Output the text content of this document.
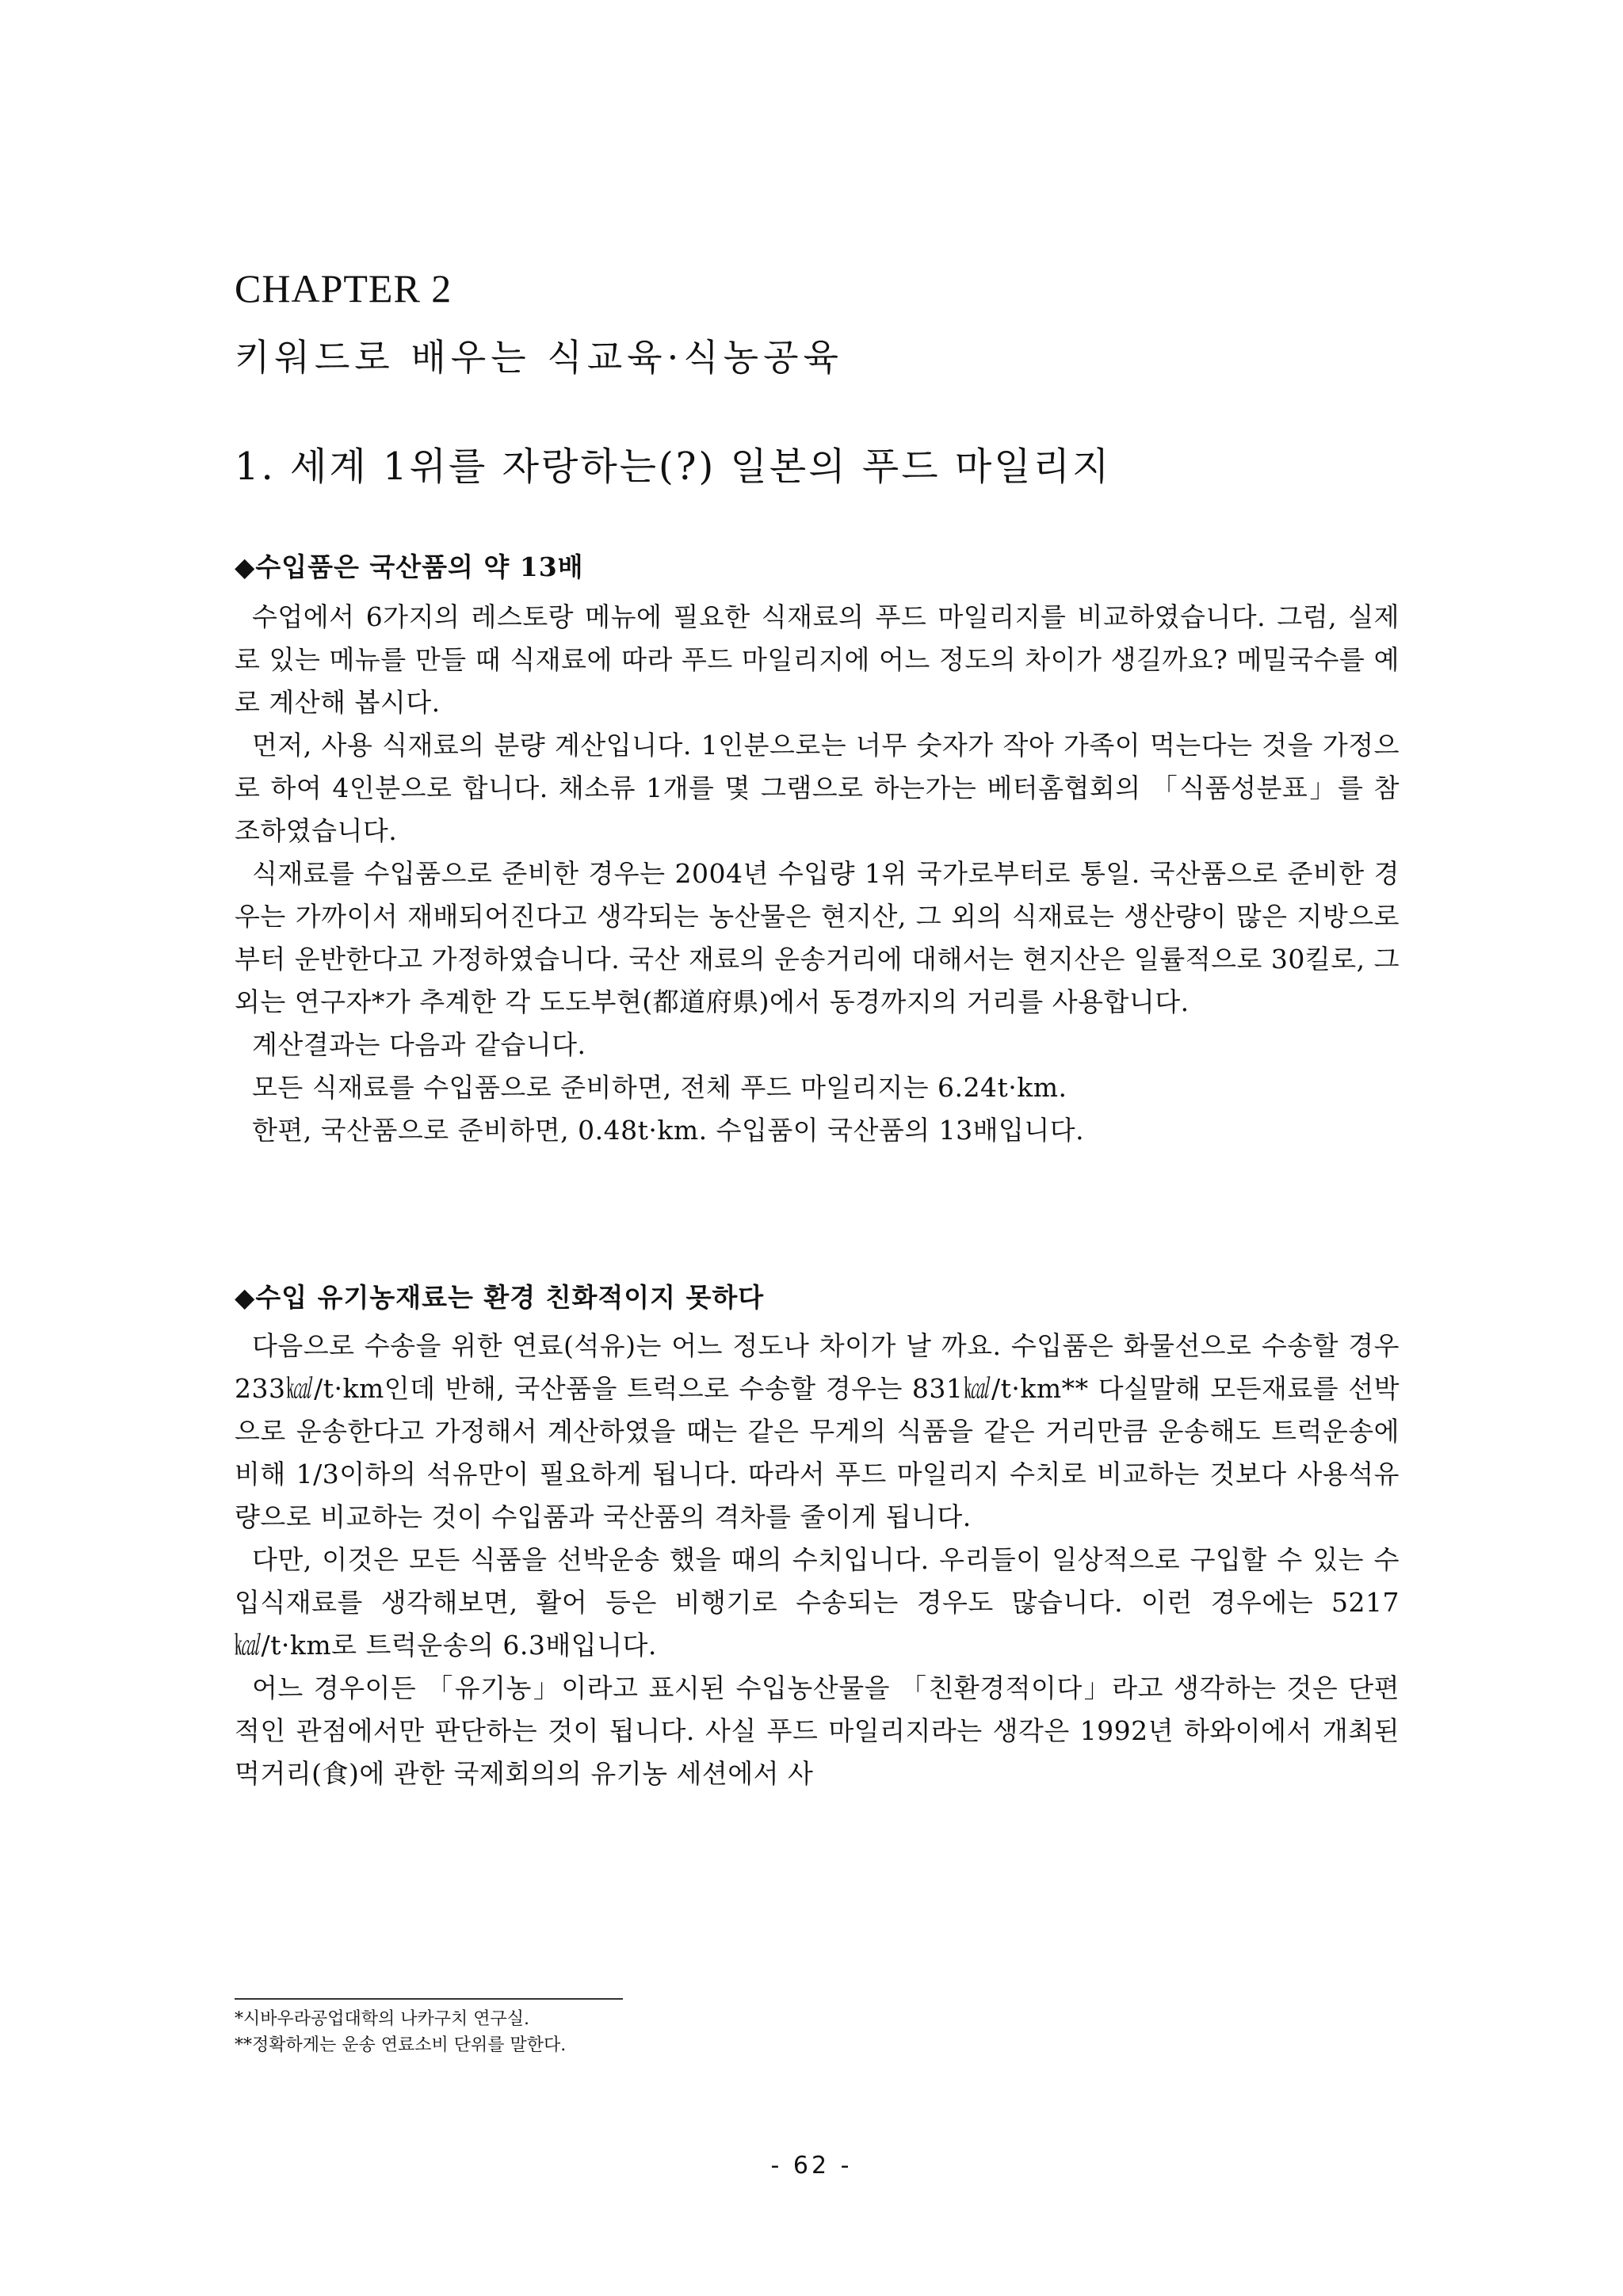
CHAPTER 2
키워드로 배우는 식교육·식농공육
1. 세계 1위를 자랑하는(?) 일본의 푸드 마일리지
◆수입품은 국산품의 약 13배

수업에서 6가지의 레스토랑 메뉴에 필요한 식재료의 푸드 마일리지를 비교하였습니다. 그럼, 실제로 있는 메뉴를 만들 때 식재료에 따라 푸드 마일리지에 어느 정도의 차이가 생길까요? 메밀국수를 예로 계산해 봅시다.

먼저, 사용 식재료의 분량 계산입니다. 1인분으로는 너무 숫자가 작아 가족이 먹는다는 것을 가정으로 하여 4인분으로 합니다. 채소류 1개를 몇 그램으로 하는가는 베터홈협회의 「식품성분표」를 참조하였습니다.

식재료를 수입품으로 준비한 경우는 2004년 수입량 1위 국가로부터로 통일. 국산품으로 준비한 경우는 가까이서 재배되어진다고 생각되는 농산물은 현지산, 그 외의 식재료는 생산량이 많은 지방으로부터 운반한다고 가정하였습니다. 국산 재료의 운송거리에 대해서는 현지산은 일률적으로 30킬로, 그 외는 연구자*가 추계한 각 도도부현(都道府県)에서 동경까지의 거리를 사용합니다.

계산결과는 다음과 같습니다.

모든 식재료를 수입품으로 준비하면, 전체 푸드 마일리지는 6.24t·km.

한편, 국산품으로 준비하면, 0.48t·km. 수입품이 국산품의 13배입니다.

◆수입 유기농재료는 환경 친화적이지 못하다

다음으로 수송을 위한 연료(석유)는 어느 정도나 차이가 날 까요. 수입품은 화물선으로 수송할 경우 233㎉/t·km인데 반해, 국산품을 트럭으로 수송할 경우는 831㎉/t·km** 다실말해 모든재료를 선박으로 운송한다고 가정해서 계산하였을 때는 같은 무게의 식품을 같은 거리만큼 운송해도 트럭운송에 비해 1/3이하의 석유만이 필요하게 됩니다. 따라서 푸드 마일리지 수치로 비교하는 것보다 사용석유량으로 비교하는 것이 수입품과 국산품의 격차를 줄이게 됩니다.

다만, 이것은 모든 식품을 선박운송 했을 때의 수치입니다. 우리들이 일상적으로 구입할 수 있는 수입식재료를 생각해보면, 활어 등은 비행기로 수송되는 경우도 많습니다. 이런 경우에는 5217㎉/t·km로 트럭운송의 6.3배입니다.

어느 경우이든 「유기농」이라고 표시된 수입농산물을 「친환경적이다」라고 생각하는 것은 단편적인 관점에서만 판단하는 것이 됩니다. 사실 푸드 마일리지라는 생각은 1992년 하와이에서 개최된 먹거리(食)에 관한 국제회의의 유기농 세션에서 사

*시바우라공업대학의 나카구치 연구실.
**정확하게는 운송 연료소비 단위를 말한다.
- 62 -
